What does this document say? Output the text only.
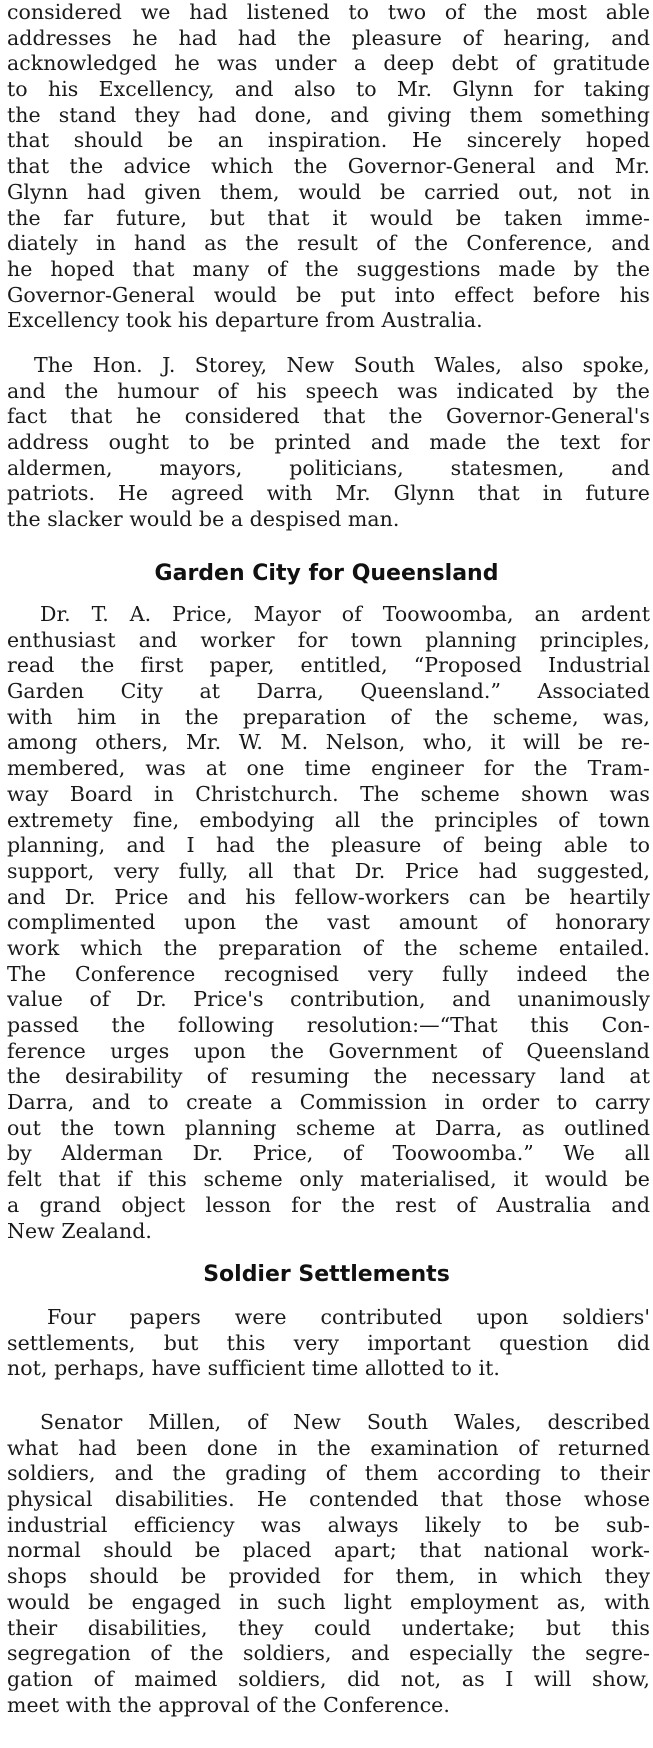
considered we had listened to two of the most able
addresses he had had the pleasure of hearing, and
acknowledged he was under a deep debt of gratitude
to his Excellency, and also to Mr. Glynn for taking
the stand they had done, and giving them something
that should be an inspiration. He sincerely hoped
that the advice which the Governor-General and Mr.
Glynn had given them, would be carried out, not in
the far future, but that it would be taken imme-
diately in hand as the result of the Conference, and
he hoped that many of the suggestions made by the
Governor-General would be put into effect before his
Excellency took his departure from Australia.
The Hon. J. Storey, New South Wales, also spoke,
and the humour of his speech was indicated by the
fact that he considered that the Governor-General's
address ought to be printed and made the text for
aldermen, mayors, politicians, statesmen, and
patriots. He agreed with Mr. Glynn that in future
the slacker would be a despised man.
Garden City for Queensland
Dr. T. A. Price, Mayor of Toowoomba, an ardent
enthusiast and worker for town planning principles,
read the first paper, entitled, “Proposed Industrial
Garden City at Darra, Queensland.” Associated
with him in the preparation of the scheme, was,
among others, Mr. W. M. Nelson, who, it will be re-
membered, was at one time engineer for the Tram-
way Board in Christchurch. The scheme shown was
extremety fine, embodying all the principles of town
planning, and I had the pleasure of being able to
support, very fully, all that Dr. Price had suggested,
and Dr. Price and his fellow-workers can be heartily
complimented upon the vast amount of honorary
work which the preparation of the scheme entailed.
The Conference recognised very fully indeed the
value of Dr. Price's contribution, and unanimously
passed the following resolution:—“That this Con-
ference urges upon the Government of Queensland
the desirability of resuming the necessary land at
Darra, and to create a Commission in order to carry
out the town planning scheme at Darra, as outlined
by Alderman Dr. Price, of Toowoomba.” We all
felt that if this scheme only materialised, it would be
a grand object lesson for the rest of Australia and
New Zealand.
Soldier Settlements
Four papers were contributed upon soldiers'
settlements, but this very important question did
not, perhaps, have sufficient time allotted to it.
Senator Millen, of New South Wales, described
what had been done in the examination of returned
soldiers, and the grading of them according to their
physical disabilities. He contended that those whose
industrial efficiency was always likely to be sub-
normal should be placed apart; that national work-
shops should be provided for them, in which they
would be engaged in such light employment as, with
their disabilities, they could undertake; but this
segregation of the soldiers, and especially the segre-
gation of maimed soldiers, did not, as I will show,
meet with the approval of the Conference.
